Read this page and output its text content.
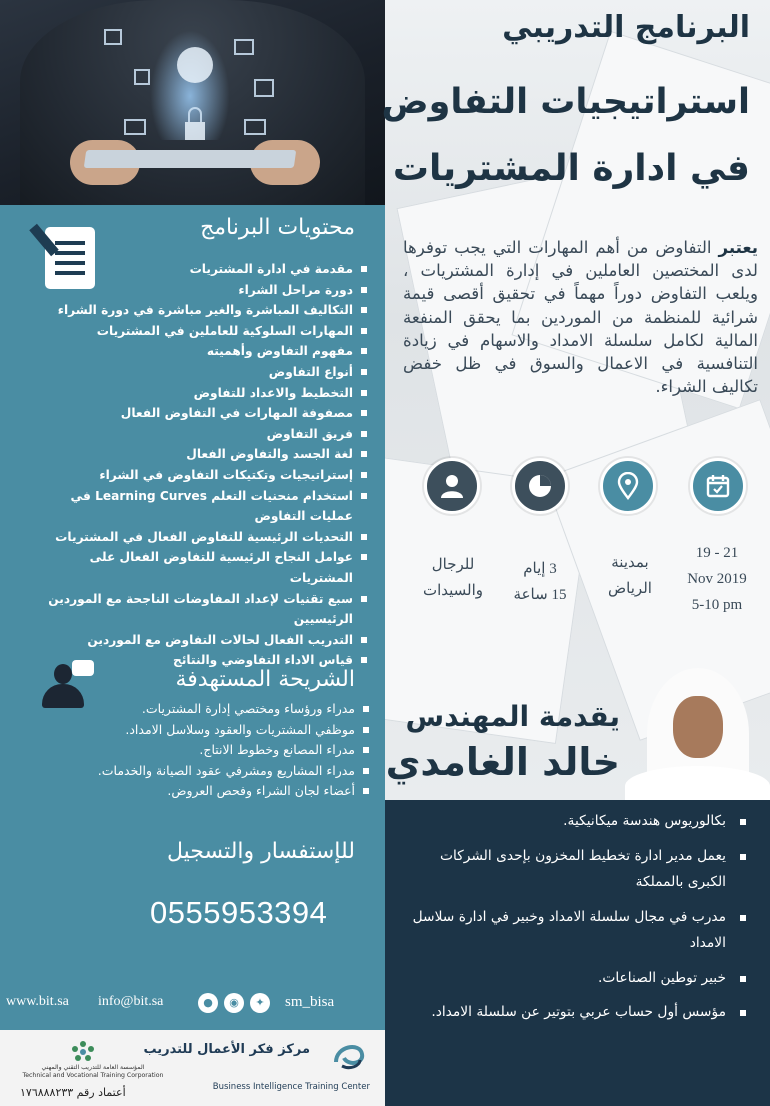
محتويات البرنامج
مقدمة في ادارة المشتريات
دورة مراحل الشراء
التكاليف المباشرة والغير مباشرة في دورة الشراء
المهارات السلوكية للعاملين في المشتريات
مفهوم التفاوض وأهميته
أنواع التفاوض
التخطيط والاعداد للتفاوض
مصفوفة المهارات في التفاوض الفعال
فريق التفاوض
لغة الجسد والتفاوض الفعال
إستراتيجيات وتكتيكات التفاوض في الشراء
استخدام منحنيات التعلم Learning Curves في عمليات التفاوض
التحديات الرئيسية للتفاوض الفعال في المشتريات
عوامل النجاح الرئيسية للتفاوض الفعال على المشتريات
سبع تقنيات لإعداد المفاوضات الناجحة مع الموردين الرئيسيين
التدريب الفعال لحالات التفاوض مع الموردين
قياس الاداء التفاوضي والنتائج
الشريحة المستهدفة
مدراء ورؤساء ومختصي إدارة المشتريات.
موظفي المشتريات والعقود وسلاسل الامداد.
مدراء المصانع وخطوط الانتاج.
مدراء المشاريع ومشرفي عقود الصيانة والخدمات.
أعضاء لجان الشراء وفحص العروض.
للإستفسار والتسجيل
0555953394
www.bit.sa info@bit.sa	●	◉	✦	sm_bisa
المؤسسة العامة للتدريب التقني والمهني
Technical and Vocational Training Corporation
أعتماد رقم ١٧٦٨٨٨٢٣٣
مركز فكر الأعمال للتدريب
Business Intelligence Training Center
البرنامج التدريبي
استراتيجيات التفاوض
في ادارة المشتريات

يعتبر التفاوض من أهم المهارات التي يجب توفرها لدى المختصين العاملين في إدارة المشتريات ، ويلعب التفاوض دوراً مهماً في تحقيق أقصى قيمة شرائية للمنظمة من الموردين بما يحقق المنفعة المالية لكامل سلسلة الامداد والاسهام في زيادة التنافسية في الاعمال والسوق في ظل خفض تكاليف الشراء.

19 - 21
Nov 2019
5-10 pm
بمدينة
الرياض
3 إيام
15 ساعة
للرجال
والسيدات
يقدمة المهندس
خالد الغامدي
بكالوريوس هندسة ميكانيكية.
يعمل مدير ادارة تخطيط المخزون بإحدى الشركات الكبرى بالمملكة
مدرب في مجال سلسلة الامداد وخبير في ادارة سلاسل الامداد
خبير توطين الصناعات.
مؤسس أول حساب عربي بتوتير عن سلسلة الامداد.
